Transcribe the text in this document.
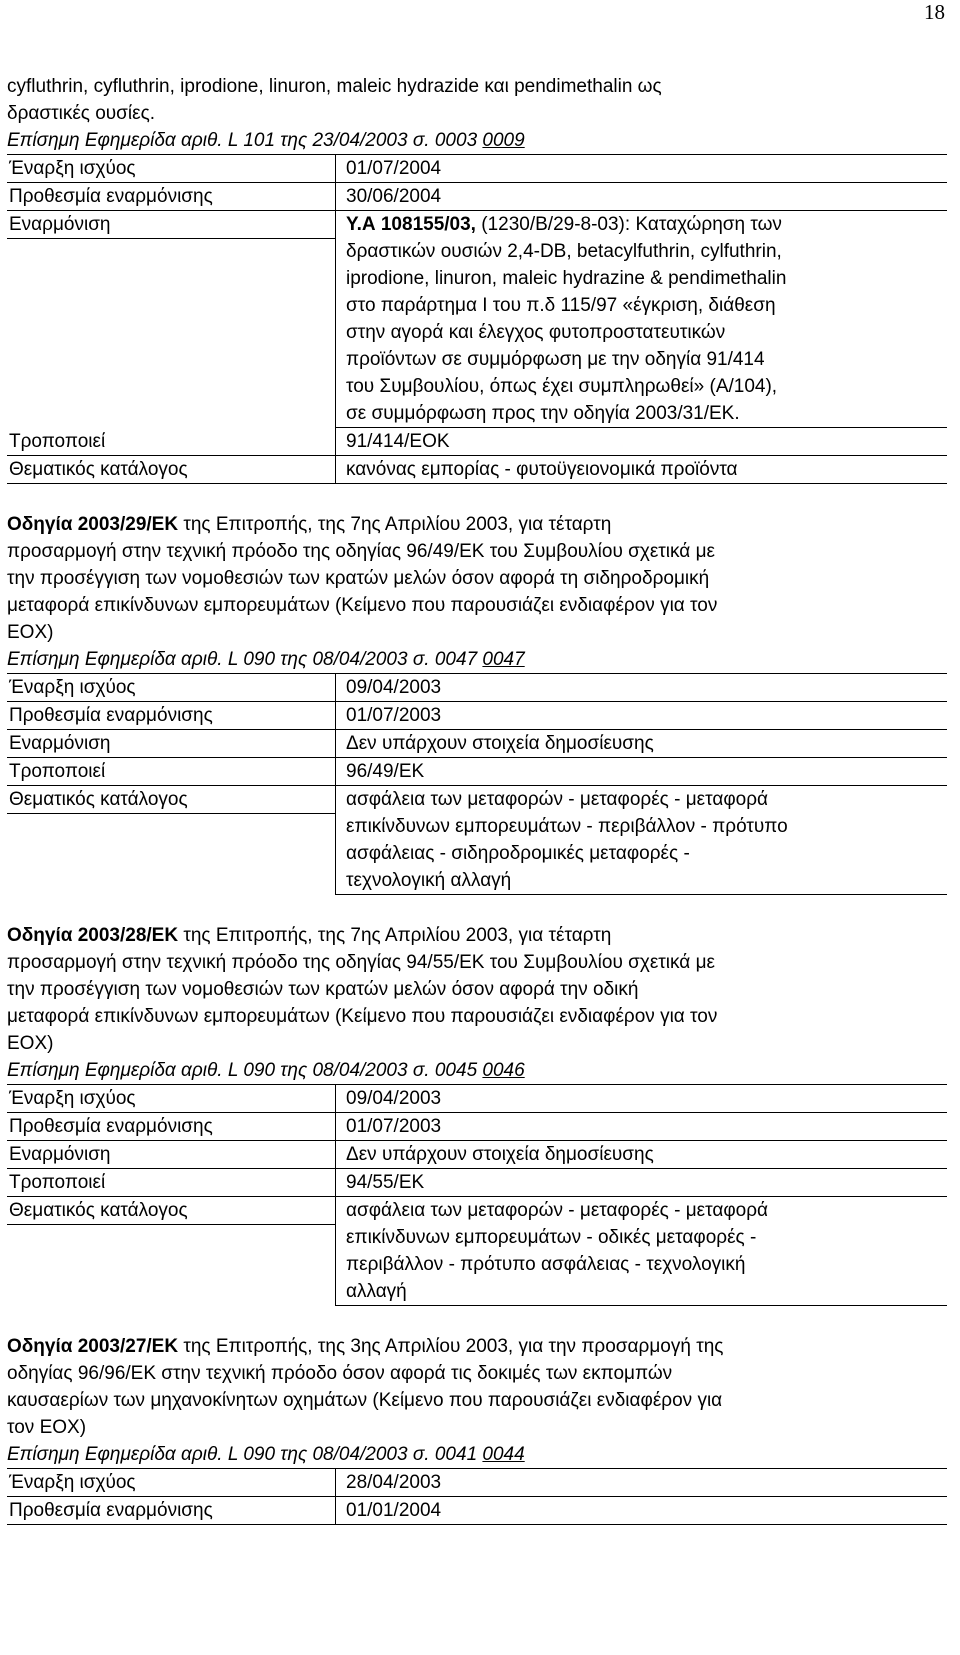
18
cyfluthrin, cyfluthrin, iprodione, linuron, maleic hydrazide και pendimethalin ως
δραστικές ουσίες.
Επίσημη Εφημερίδα αριθ. L 101 της 23/04/2003 σ. 0003 0009
Έναρξη ισχύος	01/07/2004
Προθεσμία εναρμόνισης	30/06/2004
Εναρμόνιση	Υ.Α 108155/03, (1230/Β/29-8-03): Καταχώρηση των
δραστικών ουσιών 2,4-DB, betacylfuthrin, cylfuthrin,
iprodione, linuron, maleic hydrazine & pendimethalin
στο παράρτημα Ι του π.δ 115/97 «έγκριση, διάθεση
στην αγορά και έλεγχος φυτοπροστατευτικών
προϊόντων σε συμμόρφωση με την οδηγία 91/414
του Συμβουλίου, όπως έχει συμπληρωθεί» (Α/104),
σε συμμόρφωση προς την οδηγία 2003/31/ΕΚ.
Τροποποιεί	91/414/ΕΟΚ
Θεματικός κατάλογος	κανόνας εμπορίας - φυτοϋγειονομικά προϊόντα
Οδηγία 2003/29/ΕΚ της Επιτροπής, της 7ης Απριλίου 2003, για τέταρτη
προσαρμογή στην τεχνική πρόοδο της οδηγίας 96/49/ΕΚ του Συμβουλίου σχετικά με
την προσέγγιση των νομοθεσιών των κρατών μελών όσον αφορά τη σιδηροδρομική
μεταφορά επικίνδυνων εμπορευμάτων (Κείμενο που παρουσιάζει ενδιαφέρον για τον
ΕΟΧ)
Επίσημη Εφημερίδα αριθ. L 090 της 08/04/2003 σ. 0047 0047
Έναρξη ισχύος	09/04/2003
Προθεσμία εναρμόνισης	01/07/2003
Εναρμόνιση	Δεν υπάρχουν στοιχεία δημοσίευσης
Τροποποιεί	96/49/ΕΚ
Θεματικός κατάλογος	ασφάλεια των μεταφορών - μεταφορές - μεταφορά
επικίνδυνων εμπορευμάτων - περιβάλλον - πρότυπο
ασφάλειας - σιδηροδρομικές μεταφορές -
τεχνολογική αλλαγή
Οδηγία 2003/28/ΕΚ της Επιτροπής, της 7ης Απριλίου 2003, για τέταρτη
προσαρμογή στην τεχνική πρόοδο της οδηγίας 94/55/ΕΚ του Συμβουλίου σχετικά με
την προσέγγιση των νομοθεσιών των κρατών μελών όσον αφορά την οδική
μεταφορά επικίνδυνων εμπορευμάτων (Κείμενο που παρουσιάζει ενδιαφέρον για τον
ΕΟΧ)
Επίσημη Εφημερίδα αριθ. L 090 της 08/04/2003 σ. 0045 0046
Έναρξη ισχύος	09/04/2003
Προθεσμία εναρμόνισης	01/07/2003
Εναρμόνιση	Δεν υπάρχουν στοιχεία δημοσίευσης
Τροποποιεί	94/55/ΕΚ
Θεματικός κατάλογος	ασφάλεια των μεταφορών - μεταφορές - μεταφορά
επικίνδυνων εμπορευμάτων - οδικές μεταφορές -
περιβάλλον - πρότυπο ασφάλειας - τεχνολογική
αλλαγή
Οδηγία 2003/27/ΕΚ της Επιτροπής, της 3ης Απριλίου 2003, για την προσαρμογή της
οδηγίας 96/96/ΕΚ στην τεχνική πρόοδο όσον αφορά τις δοκιμές των εκπομπών
καυσαερίων των μηχανοκίνητων οχημάτων (Κείμενο που παρουσιάζει ενδιαφέρον για
τον ΕΟΧ)
Επίσημη Εφημερίδα αριθ. L 090 της 08/04/2003 σ. 0041 0044
Έναρξη ισχύος	28/04/2003
Προθεσμία εναρμόνισης	01/01/2004
